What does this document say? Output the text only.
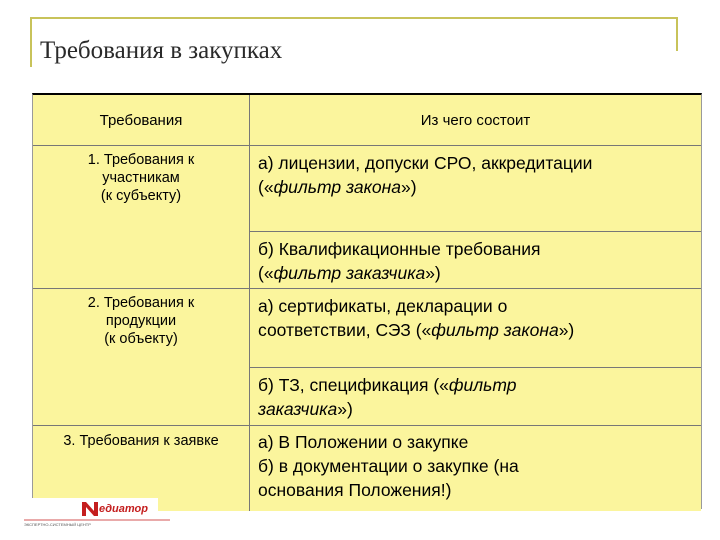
Требования в закупках
Требования	Из чего состоит
1. Требования к
участникам
(к субъекту)
а) лицензии, допуски СРО, аккредитации
(«фильтр закона»)
б) Квалификационные требования
(«фильтр заказчика»)
2. Требования к
продукции
(к объекту)
а) сертификаты, декларации о
соответствии, СЭЗ («фильтр закона»)
б) ТЗ, спецификация («фильтр
заказчика»)
3. Требования к заявке	а) В Положении о закупке
б) в документации о закупке (на
основания Положения!)
едиатор
ЭКСПЕРТНО-СИСТЕМНЫЙ ЦЕНТР
